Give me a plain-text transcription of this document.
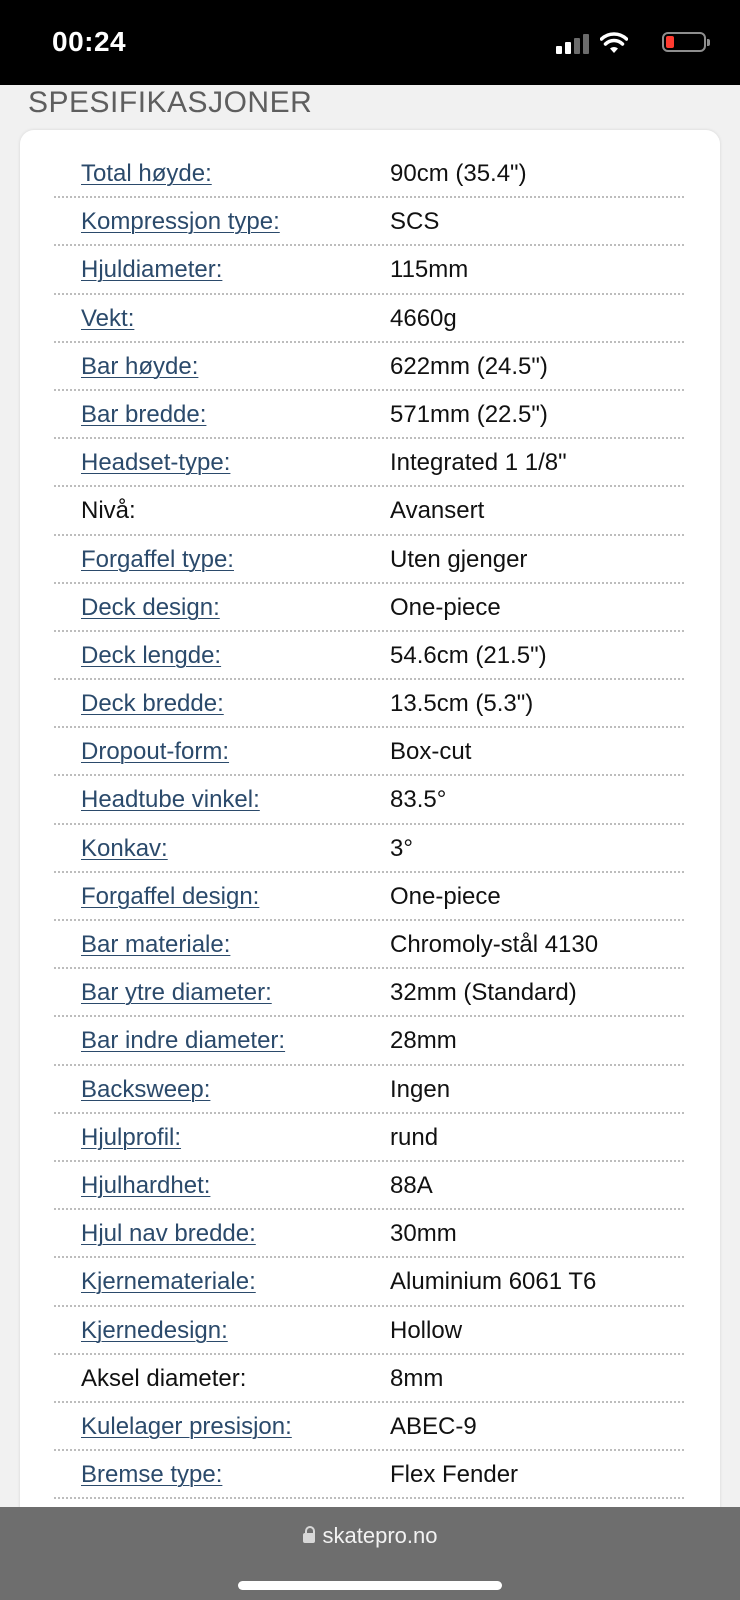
00:24
SPESIFIKASJONER
Total høyde:	90cm (35.4")
Kompressjon type:	SCS
Hjuldiameter:	115mm
Vekt:	4660g
Bar høyde:	622mm (24.5")
Bar bredde:	571mm (22.5")
Headset-type:	Integrated 1 1/8"
Nivå:	Avansert
Forgaffel type:	Uten gjenger
Deck design:	One-piece
Deck lengde:	54.6cm (21.5")
Deck bredde:	13.5cm (5.3")
Dropout-form:	Box-cut
Headtube vinkel:	83.5°
Konkav:	3°
Forgaffel design:	One-piece
Bar materiale:	Chromoly-stål 4130
Bar ytre diameter:	32mm (Standard)
Bar indre diameter:	28mm
Backsweep:	Ingen
Hjulprofil:	rund
Hjulhardhet:	88A
Hjul nav bredde:	30mm
Kjernemateriale:	Aluminium 6061 T6
Kjernedesign:	Hollow
Aksel diameter:	8mm
Kulelager presisjon:	ABEC-9
Bremse type:	Flex Fender
skatepro.no
